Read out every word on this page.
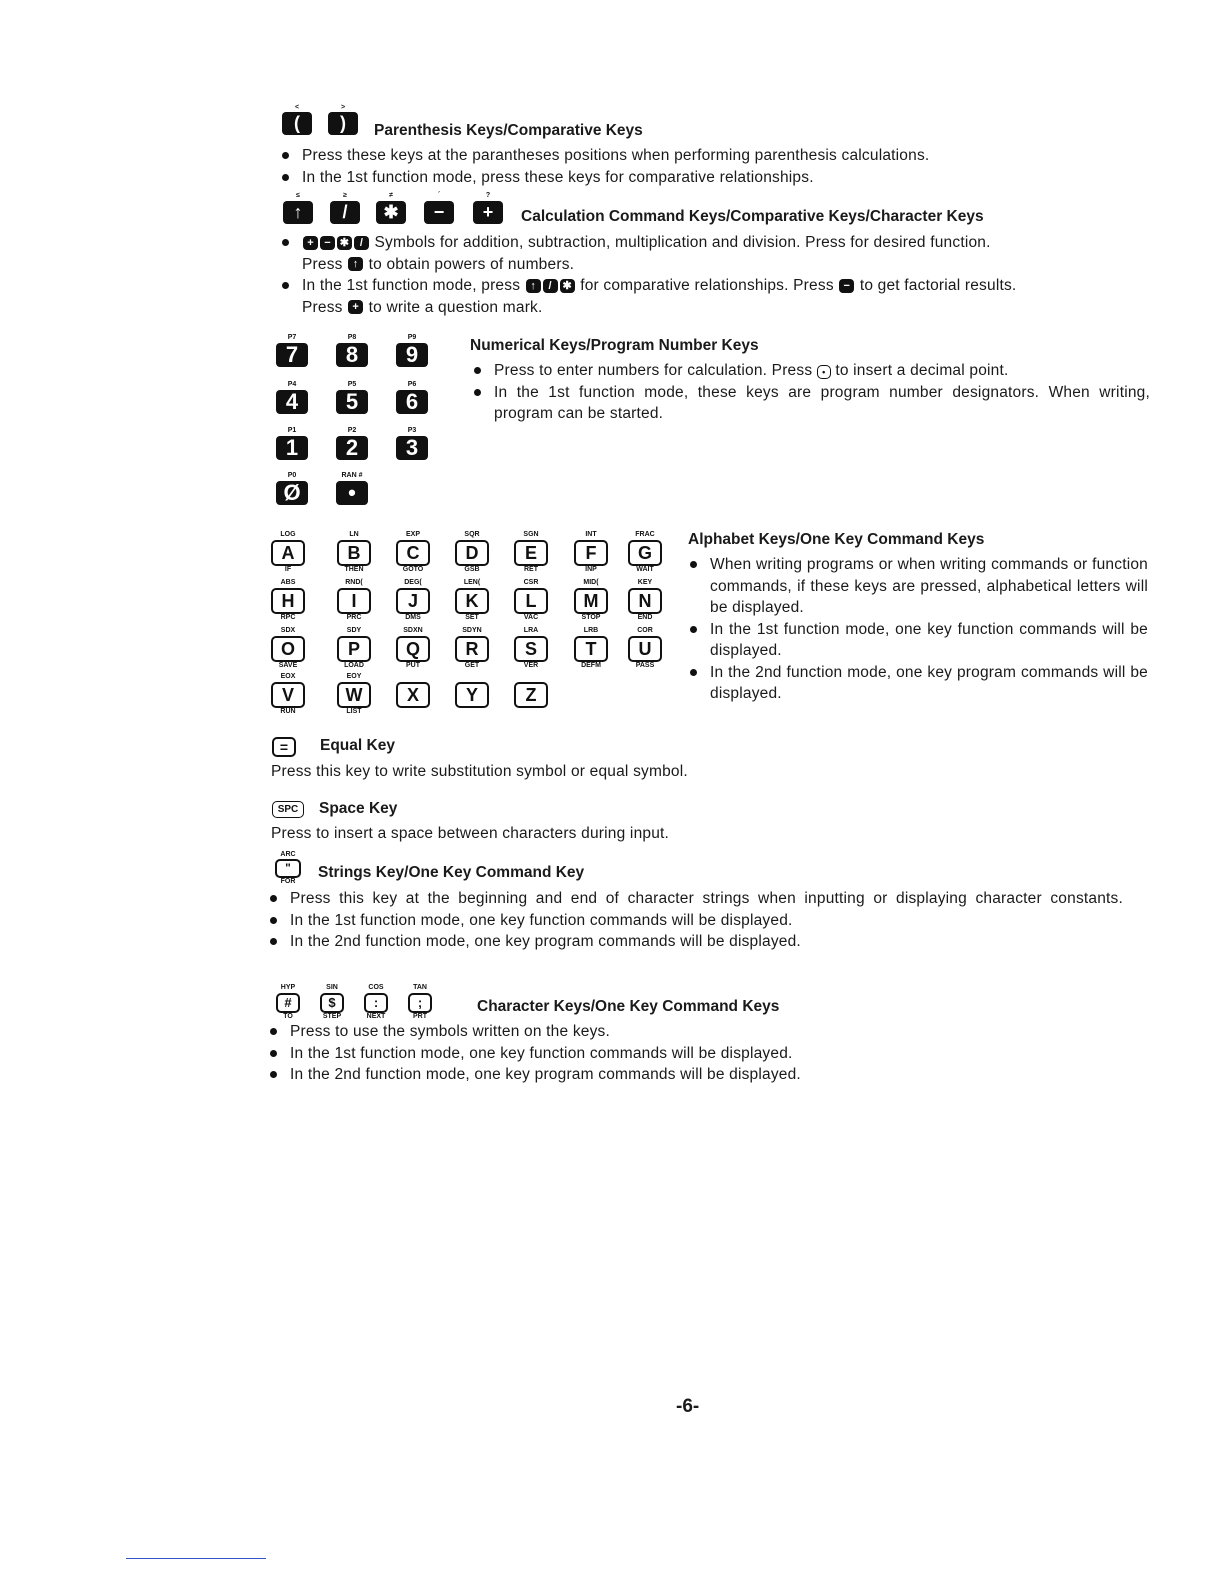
<
(
>
)	Parenthesis Keys/Comparative Keys
Press these keys at the parantheses positions when performing parenthesis calculations.
In the 1st function mode, press these keys for comparative relationships.
≤
↑
≥
/
≠
✱
´
−
?
+	Calculation Command Keys/Comparative Keys/Character Keys
+ − ✱ / Symbols for addition, subtraction, multiplication and division. Press for desired function.
Press ↑ to obtain powers of numbers.
In the 1st function mode, press ↑ / ✱ for comparative relationships. Press − to get factorial results.
Press + to write a question mark.
P7
7
P8
8
P9
9
P4
4
P5
5
P6
6
P1
1
P2
2
P3
3
P0
Ø
RAN #
•
Numerical Keys/Program Number Keys
Press to enter numbers for calculation. Press • to insert a decimal point.
In the 1st function mode, these keys are program number designators. When writing, program can be started.
LOG
A
IF
LN
B
THEN
EXP
C
GOTO
SQR
D
GSB
SGN
E
RET
INT
F
INP
FRAC
G
WAIT
ABS
H
RPC
RND(
I
PRC
DEG(
J
DMS
LEN(
K
SET
CSR
L
VAC
MID(
M
STOP
KEY
N
END
SDX
O
SAVE
SDY
P
LOAD
SDXN
Q
PUT
SDYN
R
GET
LRA
S
VER
LRB
T
DEFM
COR
U
PASS
EOX
V
RUN
EOY
W
LIST
X	Y	Z
Alphabet Keys/One Key Command Keys
When writing programs or when writing commands or function commands, if these keys are pressed, alphabetical letters will be displayed.
In the 1st function mode, one key function commands will be displayed.
In the 2nd function mode, one key program commands will be displayed.
=	Equal Key
Press this key to write substitution symbol or equal symbol.
SPC	Space Key
Press to insert a space between characters during input.
ARC
"
FOR
Strings Key/One Key Command Key
Press this key at the beginning and end of character strings when inputting or displaying character constants.
In the 1st function mode, one key function commands will be displayed.
In the 2nd function mode, one key program commands will be displayed.
HYP
#
TO
SIN
$
STEP
COS
:
NEXT
TAN
;
PRT
Character Keys/One Key Command Keys
Press to use the symbols written on the keys.
In the 1st function mode, one key function commands will be displayed.
In the 2nd function mode, one key program commands will be displayed.
-6-
